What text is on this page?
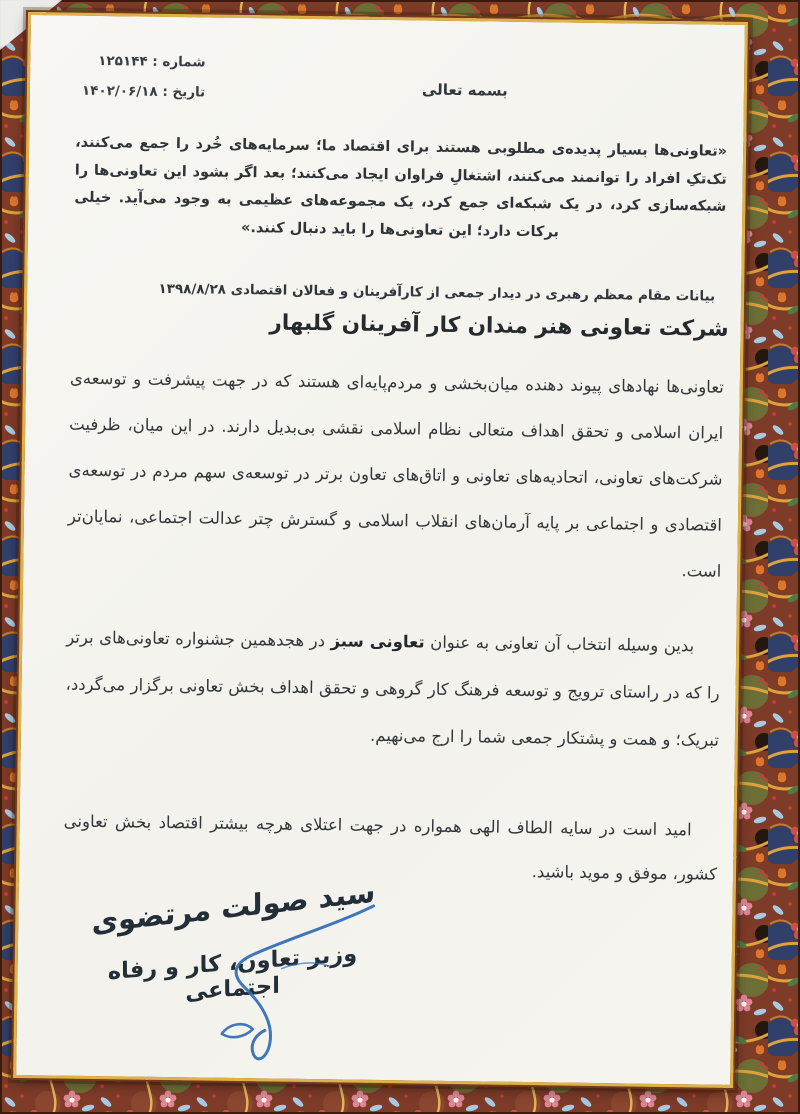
شماره : ۱۲۵۱۴۴
تاریخ : ۱۴۰۲/۰۶/۱۸	بسمه تعالی
«تعاونی‌ها بسیار پدیده‌ی مطلوبی هستند برای اقتصاد ما؛ سرمایه‌های خُرد را جمع می‌کنند، تک‌تکِ افراد را توانمند می‌کنند، اشتغالِ فراوان ایجاد می‌کنند؛ بعد اگر بشود این تعاونی‌ها را شبکه‌سازی کرد، در یک شبکه‌ای جمع کرد، یک مجموعه‌های عظیمی به وجود می‌آید. خیلی برکات دارد؛ این تعاونی‌ها را باید دنبال کنند.»
بیانات مقام معظم رهبری در دیدار جمعی از کارآفرینان و فعالان اقتصادی ۱۳۹۸/۸/۲۸
شرکت تعاونی هنر مندان کار آفرینان گلبهار
تعاونی‌ها نهادهای پیوند دهنده میان‌بخشی و مردم‌پایه‌ای هستند که در جهت پیشرفت و توسعه‌ی ایران اسلامی و تحقق اهداف متعالی نظام اسلامی نقشی بی‌بدیل دارند. در این میان، ظرفیت شرکت‌های تعاونی، اتحادیه‌های تعاونی و اتاق‌های تعاون برتر در توسعه‌ی سهم مردم در توسعه‌ی اقتصادی و اجتماعی بر پایه آرمان‌های انقلاب اسلامی و گسترش چتر عدالت اجتماعی، نمایان‌تر است.
بدین وسیله انتخاب آن تعاونی به عنوان تعاونی سبز در هجدهمین جشنواره تعاونی‌های برتر را که در راستای ترویج و توسعه فرهنگ کار گروهی و تحقق اهداف بخش تعاونی برگزار می‌گردد، تبریک؛ و همت و پشتکار جمعی شما را ارج می‌نهیم.
امید است در سایه الطاف الهی همواره در جهت اعتلای هرچه بیشتر اقتصاد بخش تعاونی کشور، موفق و موید باشید.
سید صولت مرتضوی
وزیر تعاون، کار و رفاه اجتماعی
